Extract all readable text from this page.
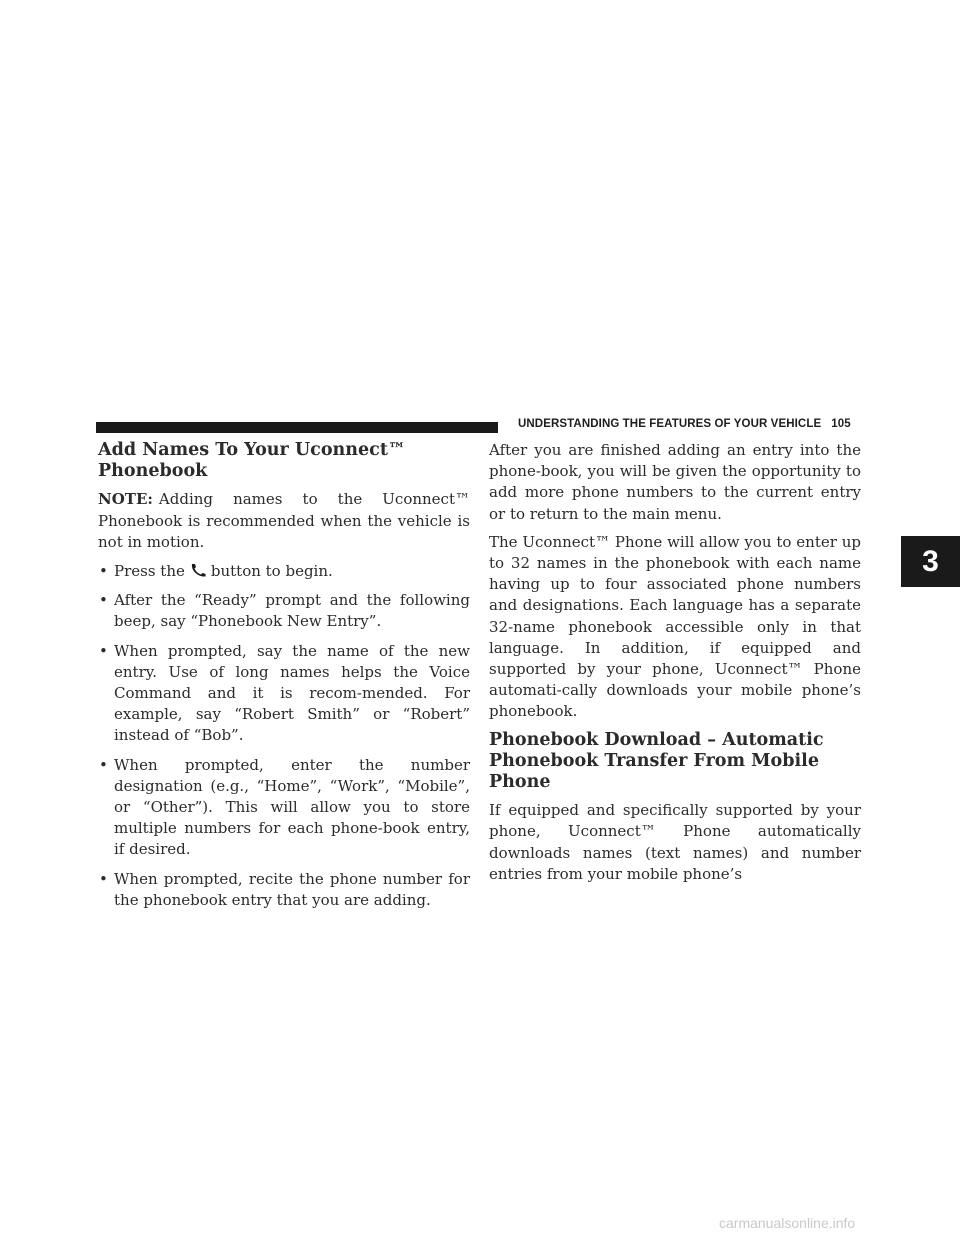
UNDERSTANDING THE FEATURES OF YOUR VEHICLE 105
Add Names To Your Uconnect™ Phonebook

NOTE: Adding names to the Uconnect™ Phonebook is recommended when the vehicle is not in motion.

• Press the button to begin.
• After the “Ready” prompt and the following beep, say “Phonebook New Entry”.
• When prompted, say the name of the new entry. Use of long names helps the Voice Command and it is recom-mended. For example, say “Robert Smith” or “Robert” instead of “Bob”.
• When prompted, enter the number designation (e.g., “Home”, “Work”, “Mobile”, or “Other”). This will allow you to store multiple numbers for each phone-book entry, if desired.
• When prompted, recite the phone number for the phonebook entry that you are adding.

After you are finished adding an entry into the phone-book, you will be given the opportunity to add more phone numbers to the current entry or to return to the main menu.

The Uconnect™ Phone will allow you to enter up to 32 names in the phonebook with each name having up to four associated phone numbers and designations. Each language has a separate 32-name phonebook accessible only in that language. In addition, if equipped and supported by your phone, Uconnect™ Phone automati-cally downloads your mobile phone’s phonebook.

Phonebook Download – Automatic Phonebook Transfer From Mobile Phone

If equipped and specifically supported by your phone, Uconnect™ Phone automatically downloads names (text names) and number entries from your mobile phone’s

3
carmanualsonline.info
